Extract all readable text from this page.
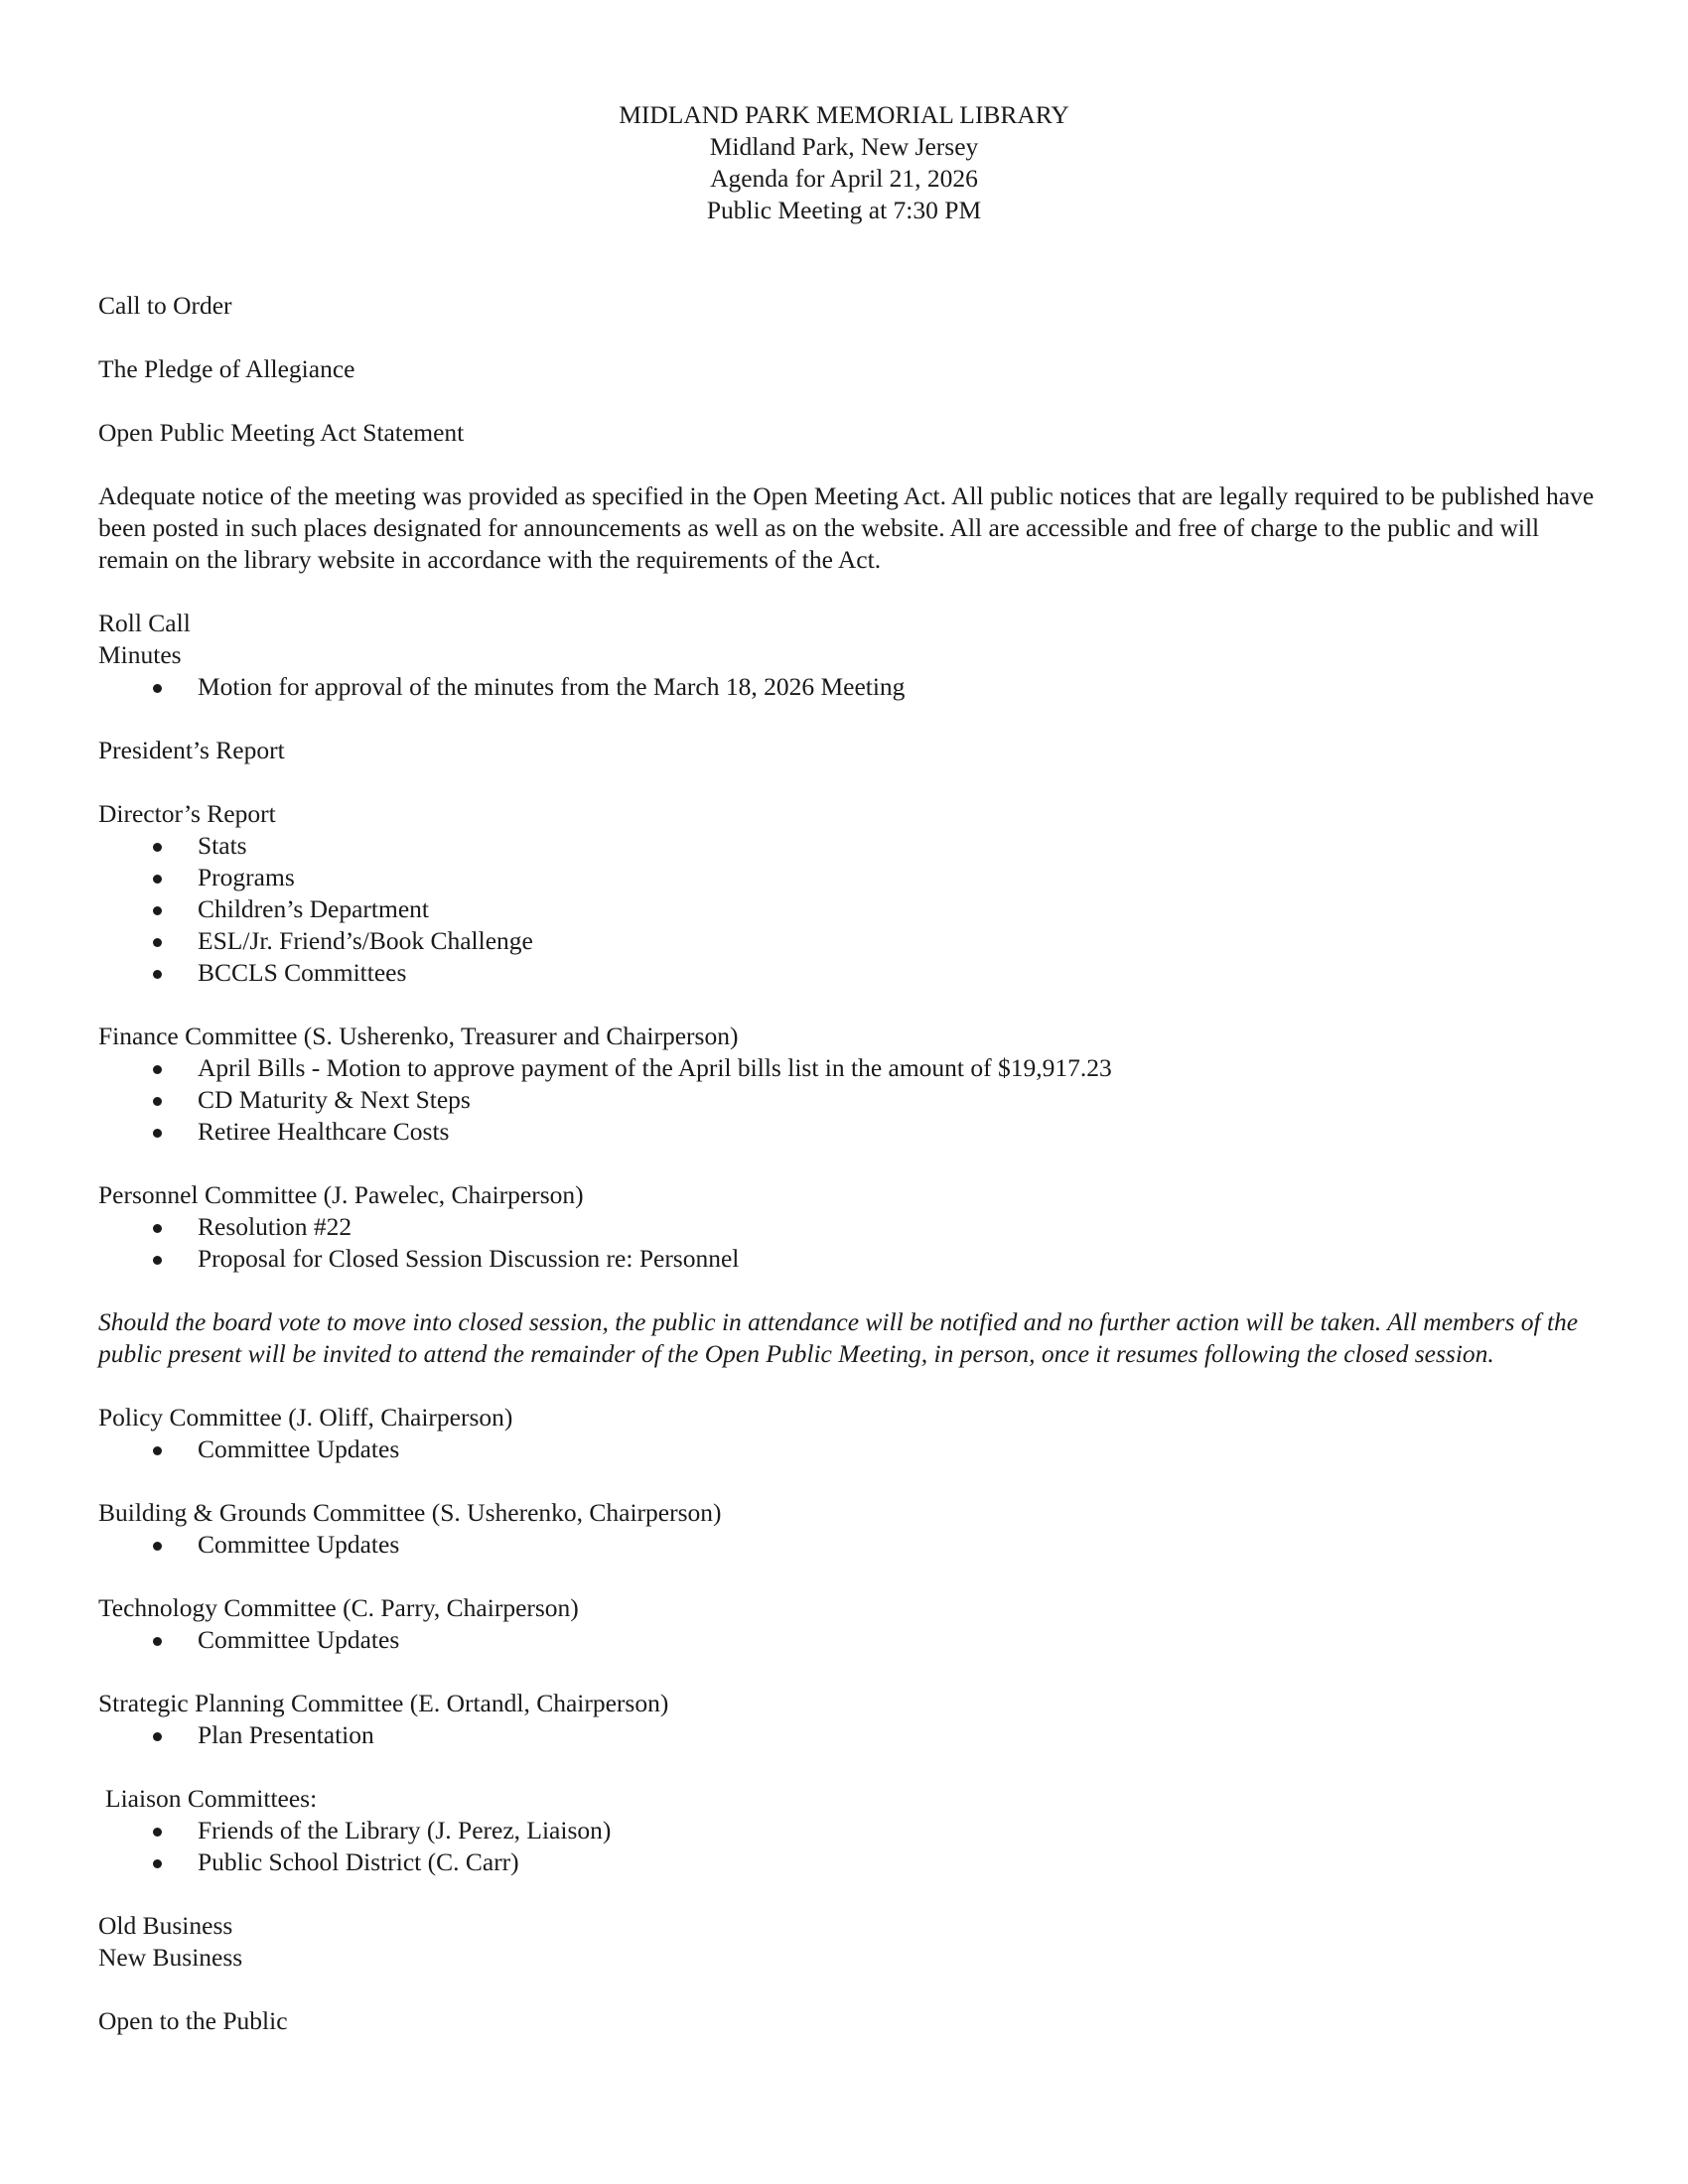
MIDLAND PARK MEMORIAL LIBRARY
Midland Park, New Jersey
Agenda for April 21, 2026
Public Meeting at 7:30 PM
Call to Order
The Pledge of Allegiance
Open Public Meeting Act Statement
Adequate notice of the meeting was provided as specified in the Open Meeting Act. All public notices that are legally required to be published have been posted in such places designated for announcements as well as on the website. All are accessible and free of charge to the public and will remain on the library website in accordance with the requirements of the Act.
Roll Call
Minutes
Motion for approval of the minutes from the March 18, 2026 Meeting
President’s Report
Director’s Report
Stats
Programs
Children’s Department
ESL/Jr. Friend’s/Book Challenge
BCCLS Committees
Finance Committee (S. Usherenko, Treasurer and Chairperson)
April Bills - Motion to approve payment of the April bills list in the amount of $19,917.23
CD Maturity & Next Steps
Retiree Healthcare Costs
Personnel Committee (J. Pawelec, Chairperson)
Resolution #22
Proposal for Closed Session Discussion re: Personnel
Should the board vote to move into closed session, the public in attendance will be notified and no further action will be taken. All members of the public present will be invited to attend the remainder of the Open Public Meeting, in person, once it resumes following the closed session.
Policy Committee (J. Oliff, Chairperson)
Committee Updates
Building & Grounds Committee (S. Usherenko, Chairperson)
Committee Updates
Technology Committee (C. Parry, Chairperson)
Committee Updates
Strategic Planning Committee (E. Ortandl, Chairperson)
Plan Presentation
Liaison Committees:
Friends of the Library (J. Perez, Liaison)
Public School District (C. Carr)
Old Business
New Business
Open to the Public
